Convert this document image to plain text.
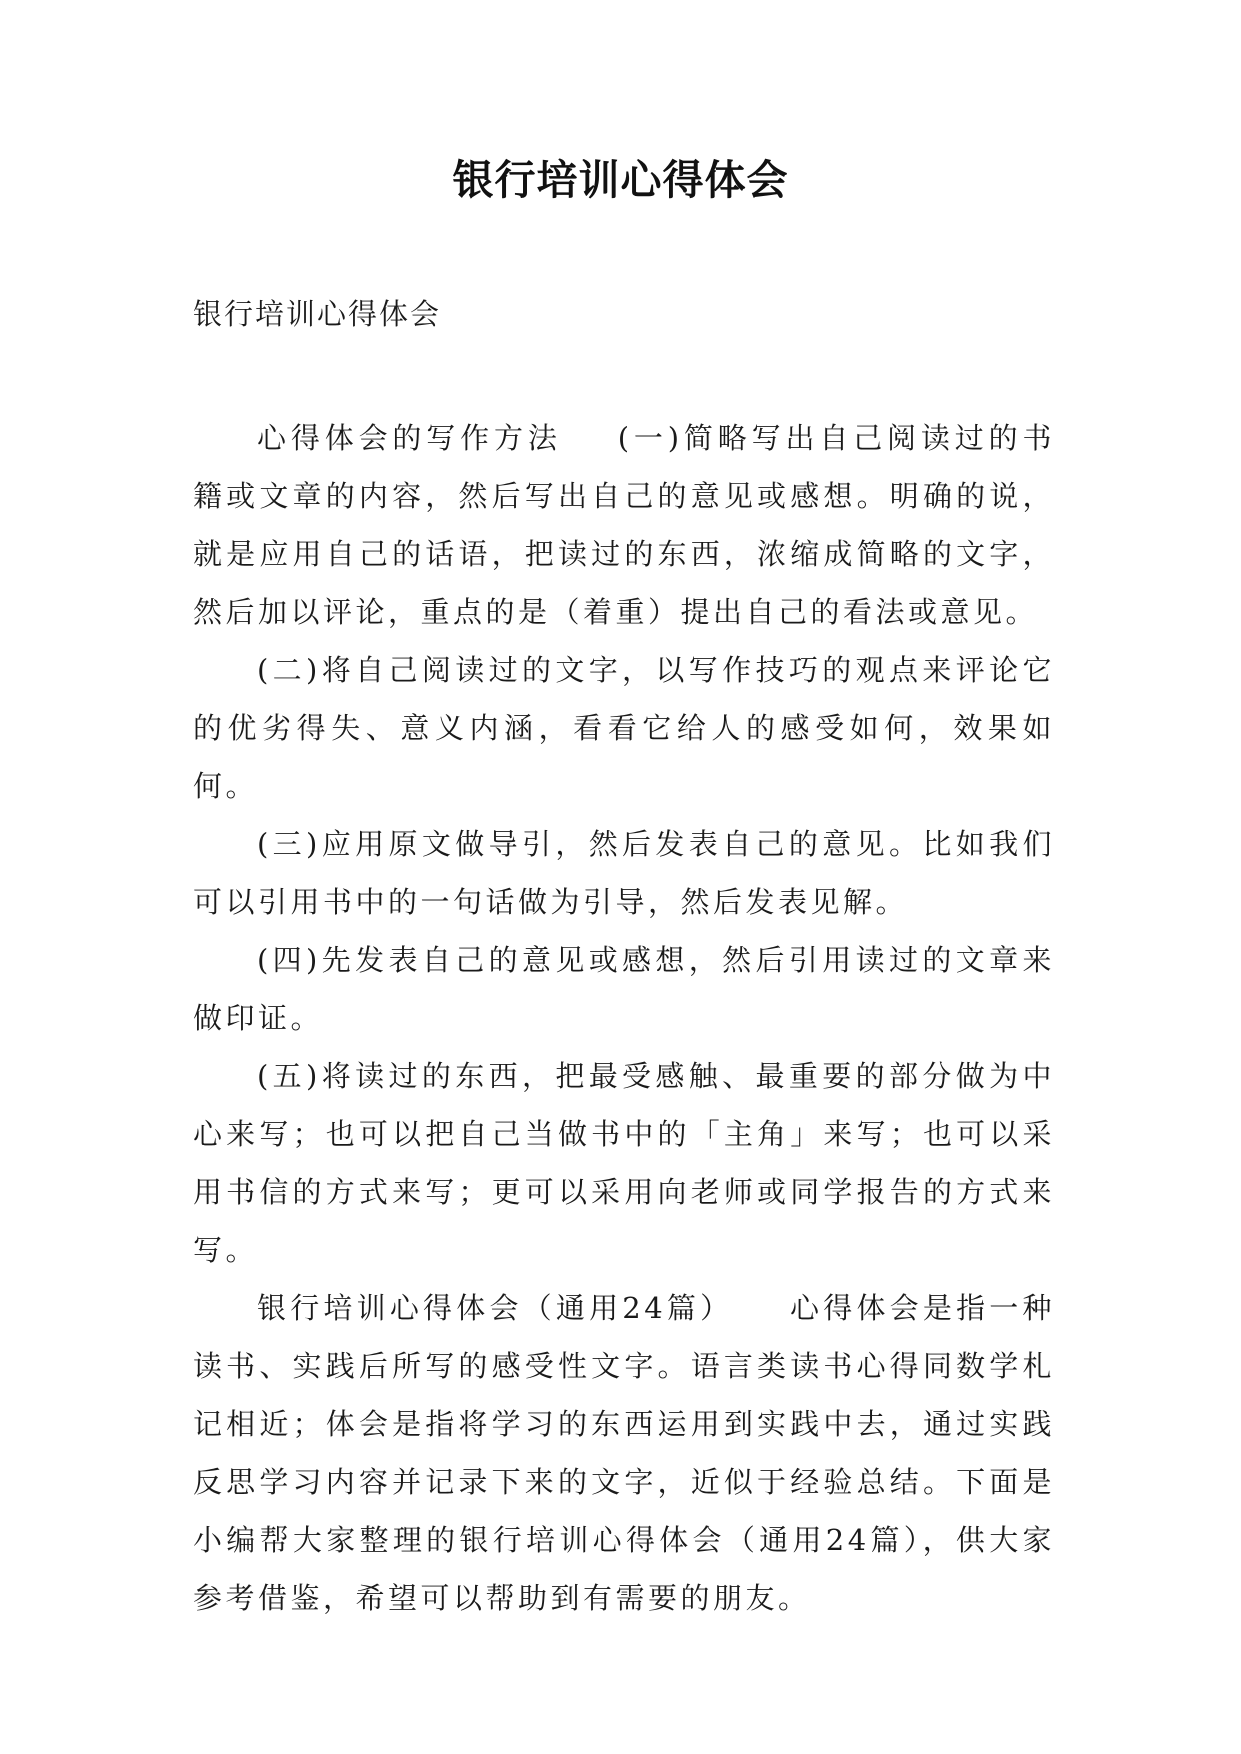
银行培训心得体会
银行培训心得体会

心得体会的写作方法 (一)简略写出自己阅读过的书籍或文章的内容，然后写出自己的意见或感想。明确的说，就是应用自己的话语，把读过的东西，浓缩成简略的文字，然后加以评论，重点的是（着重）提出自己的看法或意见。

(二)将自己阅读过的文字，以写作技巧的观点来评论它的优劣得失、意义内涵，看看它给人的感受如何，效果如何。

(三)应用原文做导引，然后发表自己的意见。比如我们可以引用书中的一句话做为引导，然后发表见解。

(四)先发表自己的意见或感想，然后引用读过的文章来做印证。

(五)将读过的东西，把最受感触、最重要的部分做为中心来写；也可以把自己当做书中的「主角」来写；也可以采用书信的方式来写；更可以采用向老师或同学报告的方式来写。

银行培训心得体会（通用24篇） 心得体会是指一种读书、实践后所写的感受性文字。语言类读书心得同数学札记相近；体会是指将学习的东西运用到实践中去，通过实践反思学习内容并记录下来的文字，近似于经验总结。下面是小编帮大家整理的银行培训心得体会（通用24篇），供大家参考借鉴，希望可以帮助到有需要的朋友。
